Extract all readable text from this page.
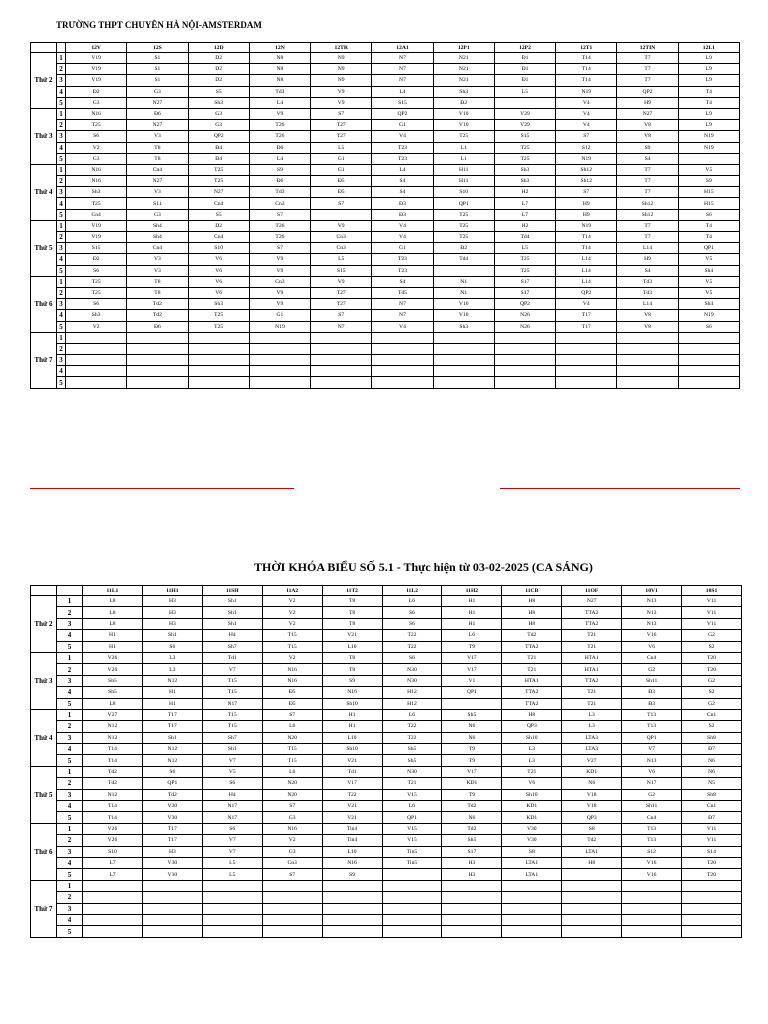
TRƯỜNG THPT CHUYÊN HÀ NỘI-AMSTERDAM
		12V	12S	12D	12N	12TR	12A1	12P1	12P2	12T1	12TIN	12L1
Thứ 2	1	V19	S1	D2	N8	N9	N7	N21	Đ1	T14	T7	L9
	2	V19	S1	D2	N8	N9	N7	N21	Đ1	T14	T7	L9
	3	V19	S1	D2	N8	N9	N7	N21	Đ1	T14	T7	L9
	4	Đ2	G3	S5	Td3	V9	L4	Sh3	L5	N19	QP2	T4
	5	G3	N27	Sh3	L4	V9	S15	Đ2		V4	H9	T4
Thứ 3	1	N16	Đ6	G3	V9	S7	QP2	V10	V29	V4	N27	L9
	2	T25	N27	G3	T26	T27	G1	V10	V29	V4	V8	L9
	3	S6	V3	QP2	T26	T27	V4	T25	S15	S7	V8	N19
	4	V2	T8	Đ4	Đ6	L5	T23	L1	T25	S12	S9	N19
	5	G3	T8	Đ4	L4	G1	T23	L1	T25	N19	S4	
Thứ 4	1	N16	Cn4	T25	S9	G1	L4	H11	Sh3	Sh12	T7	V5
	2	N16	N27	T25	Đ6	Đ5	S4	H11	Sh3	Sh12	T7	S9
	3	Sh3	V3	N27	Td3	Đ5	S4	S10	H2	S7	T7	H15
	4	T25	S11	Cn4	Cn3	S7	Đ3	QP1	L7	H9	Sh12	H15
	5	Cn4	G3	S5	S7		Đ3	T25	L7	H9	Sh12	S6
Thứ 5	1	V19	Sh4	D2	T26	V9	V4	T25	H2	N19	T7	T4
	2	V19	Sh4	Cn4	T26	Cn3	V4	T25	Td4	T14	T7	T4
	3	S15	Cn4	S10	S7	Cn3	G1	Đ2	L5	T14	L14	QP1
	4	Đ2	V3	V6	V9	L5	T23	Td4	T25	L14	H9	V5
	5	S6	V3	V6	V9	S15	T23		T25	L14	S4	Sh4
Thứ 6	1	T25	T8	V6	Cn3	V9	S4	N1	S17	L14	Td3	V5
	2	T25	T8	V6	V9	T27	Td5	N1	S17	QP2	Td3	V5
	3	S6	Td2	Sh3	V9	T27	N7	V10	QP2	V4	L14	Sh4
	4	Sh3	Td2	T25	G1	S7	N7	V10	N26	T17	V8	N19
	5	V2	Đ6	T25	N19	N7	V4	Sh3	N26	T17	V8	S6
Thứ 7	1											
	2											
	3											
	4											
	5											
THỜI KHÓA BIỂU SỐ 5.1 - Thực hiện từ 03-02-2025 (CA SÁNG)
		11L1	11H1	11SH	11A2	11T2	11L2	11H2	11CB	11OF	10V1	10S1
Thứ 2	1	L8	H3	Sh1	V2	T8	L6	H1	H8	N27	N13	V11
	2	L8	H3	Sh1	V2	T8	S6	H1	H8	TTA2	N13	V11
	3	L8	H3	Sh1	V2	T8	S6	H1	H8	TTA2	N13	V11
	4	H1	Sh1	H4	T15	V21	T22	L6	Td2	T21	V16	G2
	5	H1	S6	Sh7	T15	L10	T22	T9	TTA2	T21	V6	S2
Thứ 3	1	V26	L3	Td1	V2	T8	S6	V17	T21	HTA1	Cn4	T20
	2	V26	L3	V7	N16	T8	N30	V17	T21	HTA1	G2	T20
	3	Sh5	N12	T15	N16	S9	N30	V1	HTA1	TTA2	Sh11	G2
	4	Sh5	H1	T15	Đ5	N16	H12	QP1	TTA2	T21	Đ3	S2
	5	L8	H1	N17	Đ5	Sh10	H12		TTA2	T21	Đ3	G2
Thứ 4	1	V27	T17	T15	S7	H1	L6	Sh5	H8	L3	T13	Cn1
	2	N12	T17	T15	L6	H1	T22	N6	QP3	L3	T13	S2
	3	N12	Sh1	Sh7	N20	L10	T22	N6	Sh10	LTA3	QP1	Sh8
	4	T14	N12	Sh1	T15	Sh10	Sh5	T9	L3	LTA3	V7	Đ7
	5	T14	N12	V7	T15	V21	Sh5	T9	L3	V27	N13	N6
Thứ 5	1	Td2	S6	V5	L6	Td1	N30	V17	T21	KD1	V6	N6
	2	Td2	QP1	S6	N20	V17	T21	KD1	V6	N6	N17	N5
	3	N12	Td2	H4	N20	T22	V15	T9	Sh10	V18	G2	Sh8
	4	T14	V30	N17	S7	V21	L6	Td2	KD1	V18	Sh11	Cn1
	5	T14	V30	N17	G3	V21	QP1	N6	KD1	QP3	Cn4	Đ7
Thứ 6	1	V26	T17	S6	N16	Tin4	V15	Td2	V30	S8	T13	V11
	2	V26	T17	V7	V2	Tin4	V15	Sh5	V30	Td2	T13	V11
	3	S10	H3	V7	G3	L10	Tin5	S17	S8	LTA1	S12	S14
	4	L7	V30	L5	Cn3	N16	Tin5	H3	LTA1	H8	V16	T20
	5	L7	V30	L5	S7	S9		H3	LTA1		V16	T20
Thứ 7	1											
	2											
	3											
	4											
	5											
